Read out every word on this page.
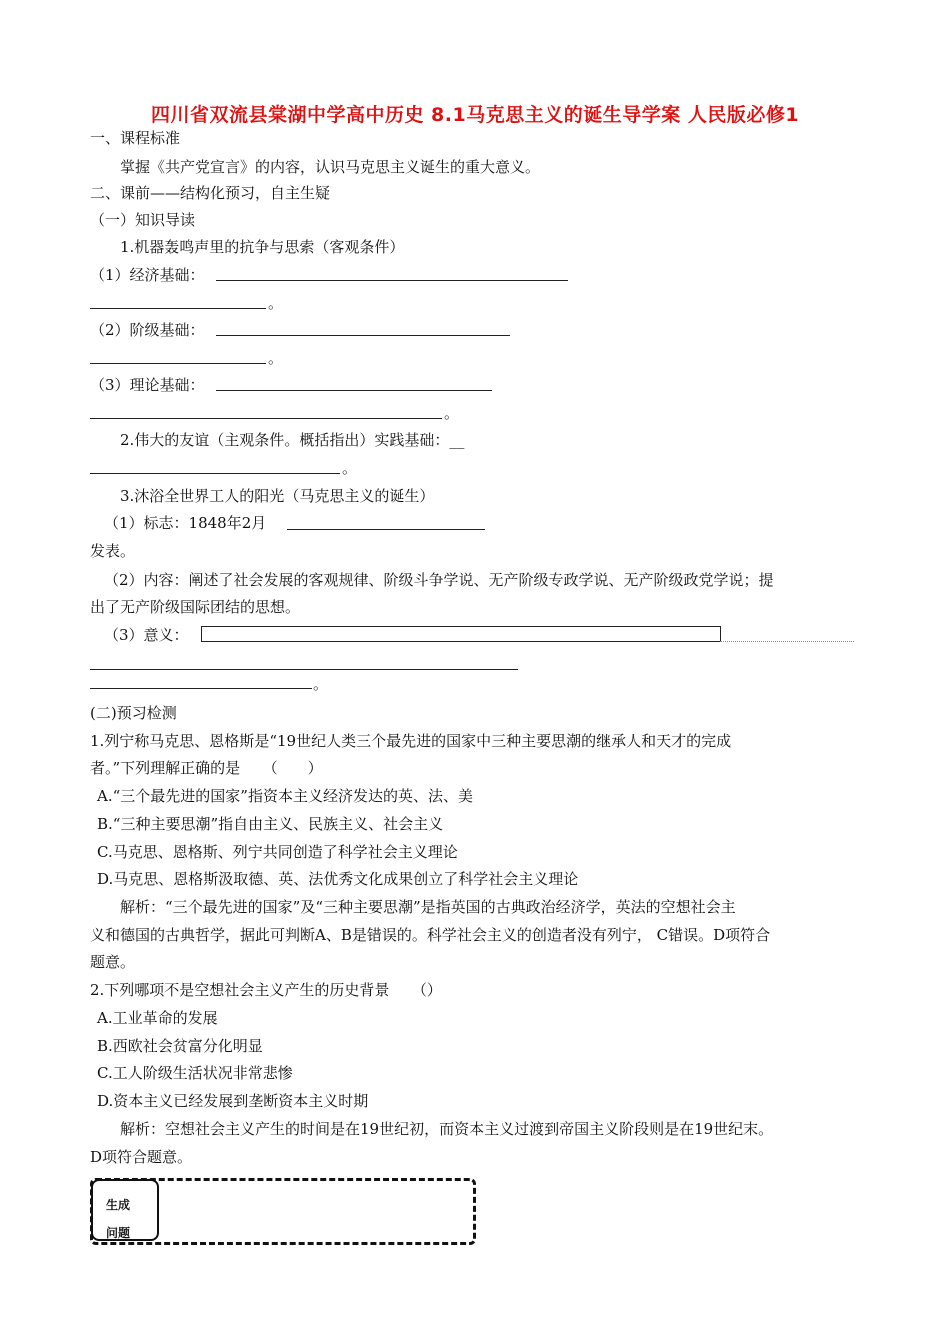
四川省双流县棠湖中学高中历史 8.1马克思主义的诞生导学案 人民版必修1
一、课程标准
掌握《共产党宣言》的内容，认识马克思主义诞生的重大意义。
二、课前——结构化预习，自主生疑
（一）知识导读
1.机器轰鸣声里的抗争与思索（客观条件）
（1）经济基础：
。
（2）阶级基础：
。
（3）理论基础：
。
2.伟大的友谊（主观条件。概括指出）实践基础：__
。
3.沐浴全世界工人的阳光（马克思主义的诞生）
（1）标志：1848年2月
发表。
（2）内容：阐述了社会发展的客观规律、阶级斗争学说、无产阶级专政学说、无产阶级政党学说；提
出了无产阶级国际团结的思想。
（3）意义：
。
(二)预习检测
1.列宁称马克思、恩格斯是“19世纪人类三个最先进的国家中三种主要思潮的继承人和天才的完成
者。”下列理解正确的是　　（　　）
A.“三个最先进的国家”指资本主义经济发达的英、法、美
B.“三种主要思潮”指自由主义、民族主义、社会主义
C.马克思、恩格斯、列宁共同创造了科学社会主义理论
D.马克思、恩格斯汲取德、英、法优秀文化成果创立了科学社会主义理论
解析：“三个最先进的国家”及“三种主要思潮”是指英国的古典政治经济学，英法的空想社会主
义和德国的古典哲学，据此可判断A、B是错误的。科学社会主义的创造者没有列宁， C错误。D项符合
题意。
2.下列哪项不是空想社会主义产生的历史背景　　（）
A.工业革命的发展
B.西欧社会贫富分化明显
C.工人阶级生活状况非常悲惨
D.资本主义已经发展到垄断资本主义时期
解析：空想社会主义产生的时间是在19世纪初，而资本主义过渡到帝国主义阶段则是在19世纪末。
D项符合题意。
生成
问题
